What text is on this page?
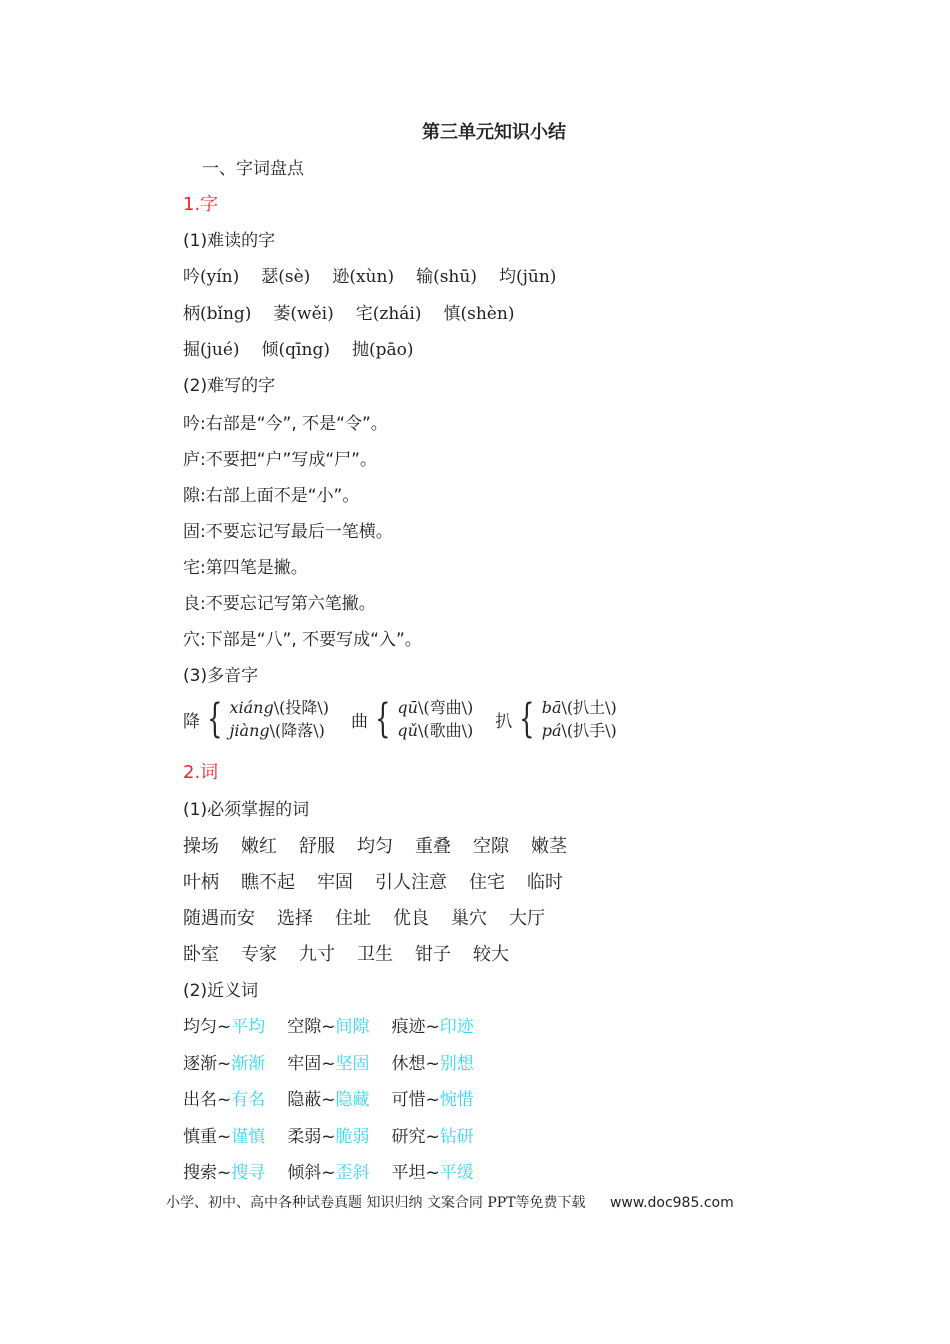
第三单元知识小结
一、字词盘点
1.字
(1)难读的字
吟(yín) 瑟(sè) 逊(xùn) 输(shū) 均(jūn)
柄(bǐng) 萎(wěi) 宅(zhái) 慎(shèn)
掘(jué) 倾(qīng) 抛(pāo)
(2)难写的字
吟:右部是“今”, 不是“令”。
庐:不要把“户”写成“尸”。
隙:右部上面不是“小”。
固:不要忘记写最后一笔横。
宅:第四笔是撇。
良:不要忘记写第六笔撇。
穴:下部是“八”, 不要写成“入”。
(3)多音字
降 { xiáng\(投降\)
jiàng\(降落\) 曲 { qū\(弯曲\)
qǔ\(歌曲\) 扒 { bā\(扒土\)
pá\(扒手\)
2.词
(1)必须掌握的词
操场 嫩红 舒服 均匀 重叠 空隙 嫩茎
叶柄 瞧不起 牢固 引人注意 住宅 临时
随遇而安 选择 住址 优良 巢穴 大厅
卧室 专家 九寸 卫生 钳子 较大
(2)近义词
均匀~平均 空隙~间隙 痕迹~印迹
逐渐~渐渐 牢固~坚固 休想~别想
出名~有名 隐蔽~隐藏 可惜~惋惜
慎重~谨慎 柔弱~脆弱 研究~钻研
搜索~搜寻 倾斜~歪斜 平坦~平缓
小学、初中、高中各种试卷真题 知识归纳 文案合同 PPT等免费下载 www.doc985.com
